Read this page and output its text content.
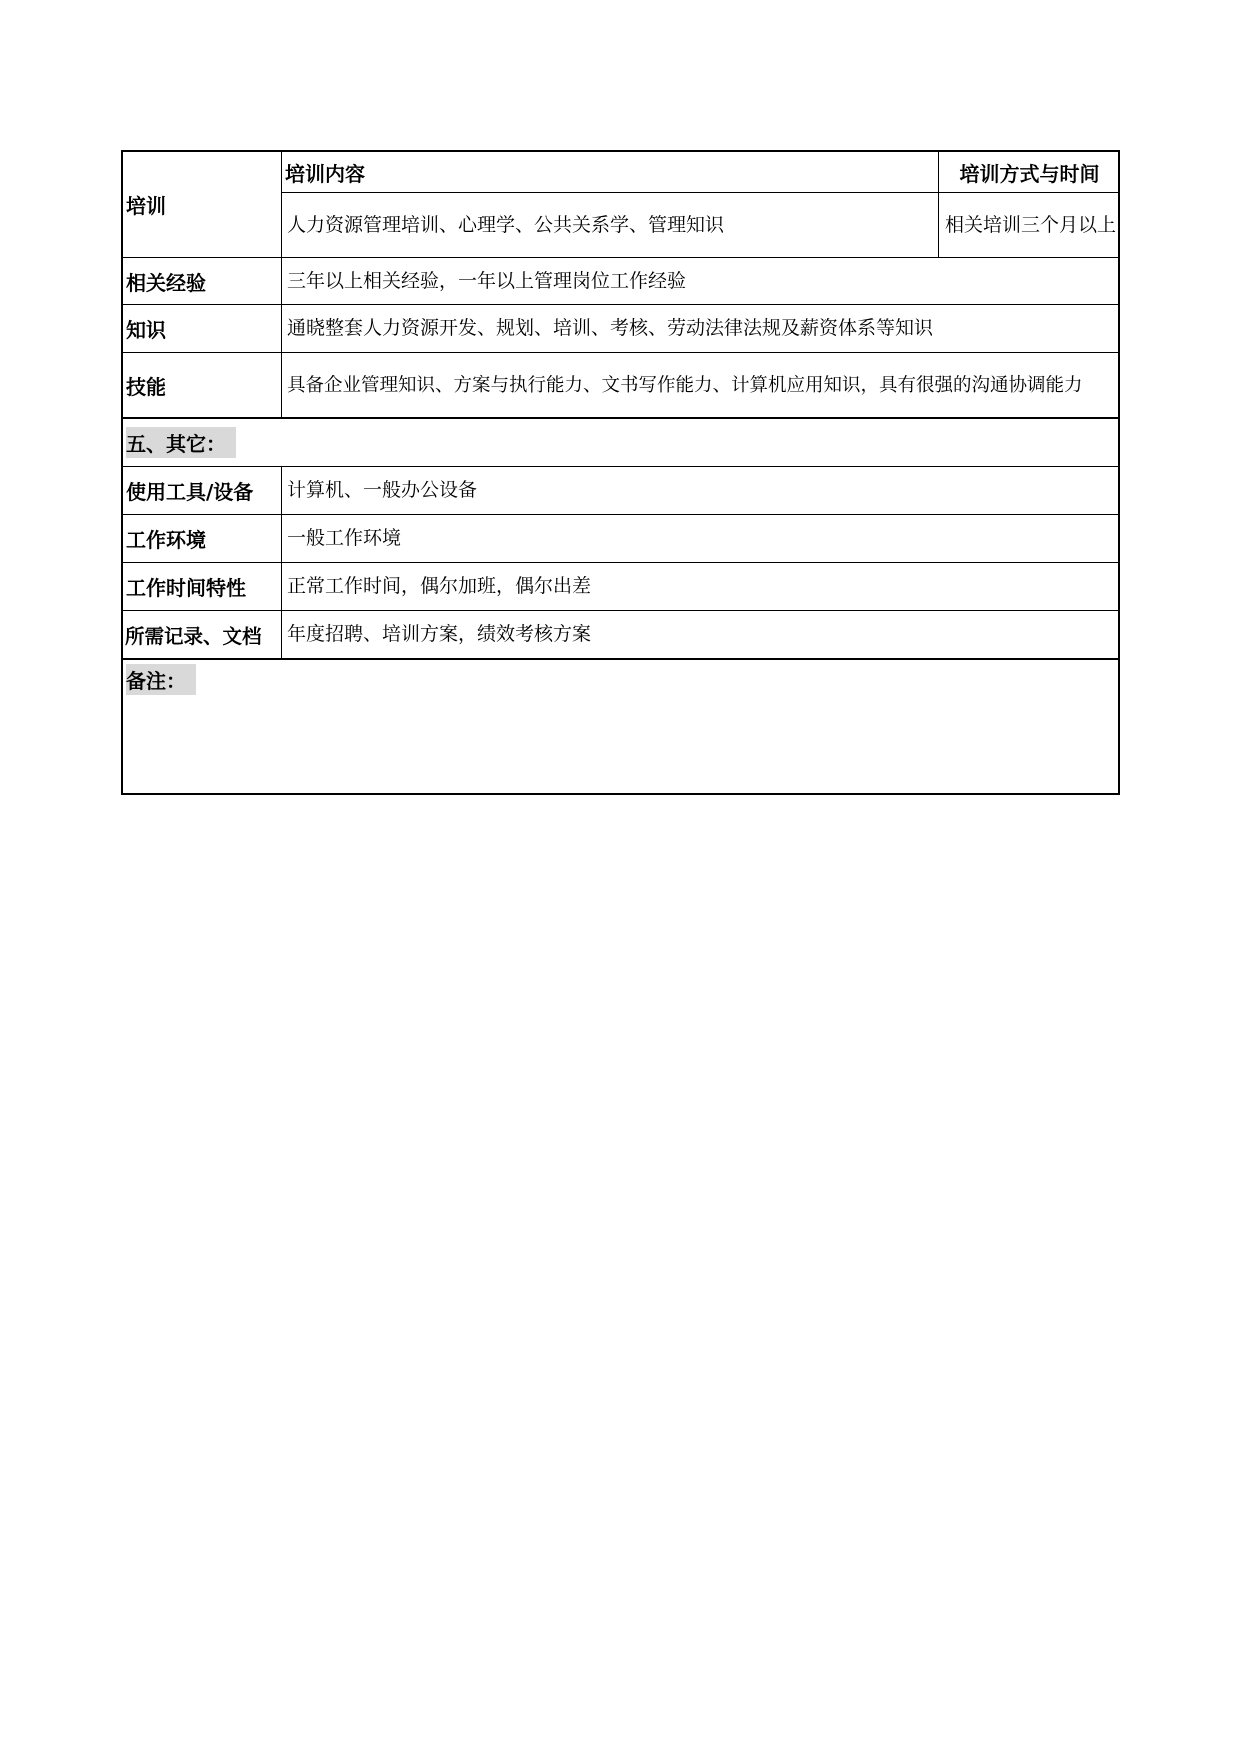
培训
培训内容	培训方式与时间
人力资源管理培训、心理学、公共关系学、管理知识	相关培训三个月以上
相关经验	三年以上相关经验，一年以上管理岗位工作经验
知识	通晓整套人力资源开发、规划、培训、考核、劳动法律法规及薪资体系等知识
技能	具备企业管理知识、方案与执行能力、文书写作能力、计算机应用知识，具有很强的沟通协调能力
五、其它：
使用工具/设备	计算机、一般办公设备
工作环境	一般工作环境
工作时间特性	正常工作时间，偶尔加班，偶尔出差
所需记录、文档	年度招聘、培训方案，绩效考核方案
备注：
